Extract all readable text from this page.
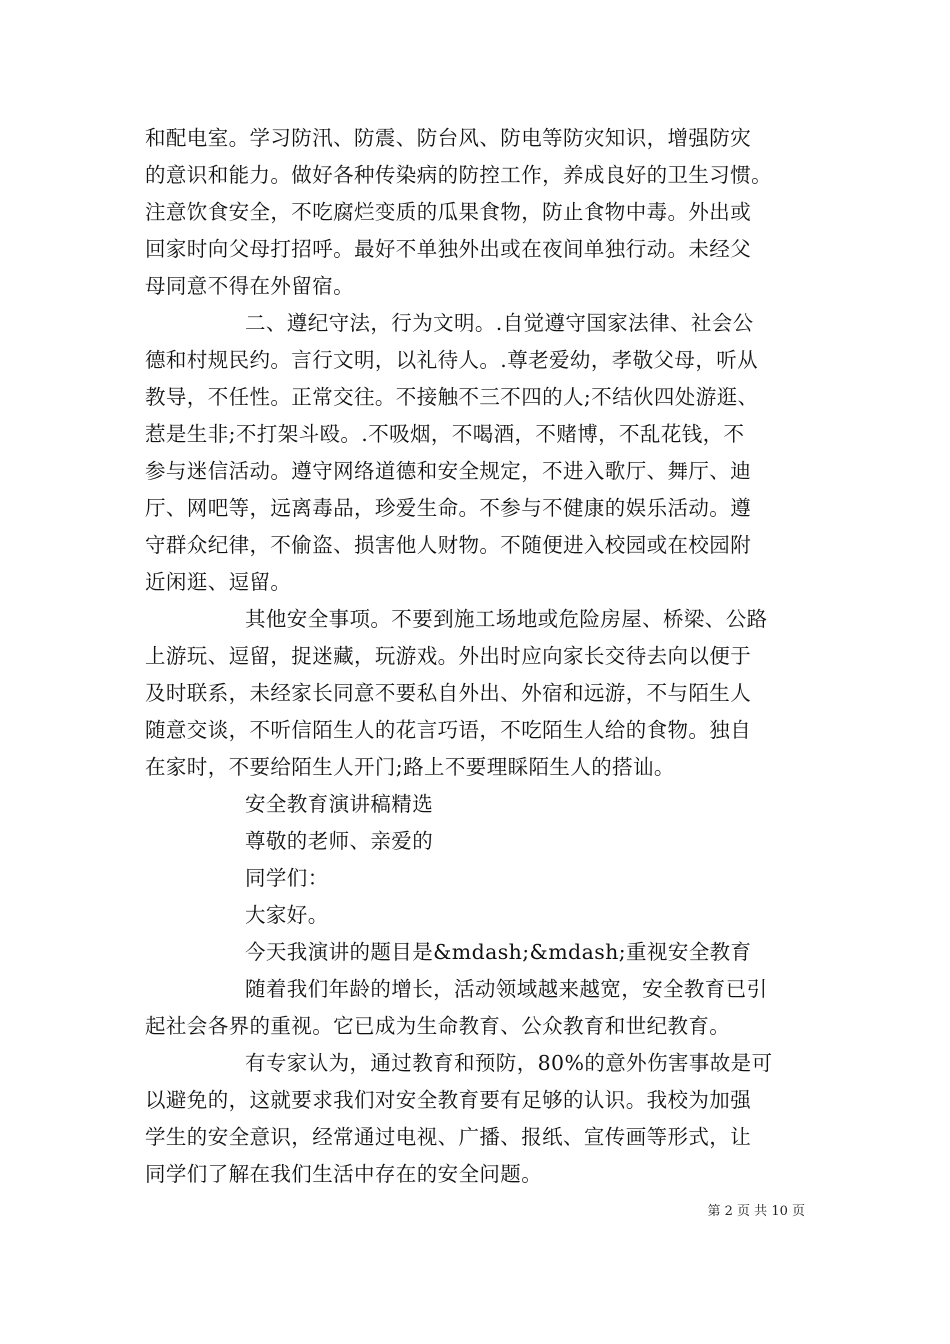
和配电室。学习防汛、防震、防台风、防电等防灾知识，增强防灾
的意识和能力。做好各种传染病的防控工作，养成良好的卫生习惯。
注意饮食安全，不吃腐烂变质的瓜果食物，防止食物中毒。外出或
回家时向父母打招呼。最好不单独外出或在夜间单独行动。未经父
母同意不得在外留宿。
二、遵纪守法，行为文明。.自觉遵守国家法律、社会公
德和村规民约。言行文明，以礼待人。.尊老爱幼，孝敬父母，听从
教导，不任性。正常交往。不接触不三不四的人;不结伙四处游逛、
惹是生非;不打架斗殴。.不吸烟，不喝酒，不赌博，不乱花钱，不
参与迷信活动。遵守网络道德和安全规定，不进入歌厅、舞厅、迪
厅、网吧等，远离毒品，珍爱生命。不参与不健康的娱乐活动。遵
守群众纪律，不偷盗、损害他人财物。不随便进入校园或在校园附
近闲逛、逗留。
其他安全事项。不要到施工场地或危险房屋、桥梁、公路
上游玩、逗留，捉迷藏，玩游戏。外出时应向家长交待去向以便于
及时联系，未经家长同意不要私自外出、外宿和远游，不与陌生人
随意交谈，不听信陌生人的花言巧语，不吃陌生人给的食物。独自
在家时，不要给陌生人开门;路上不要理睬陌生人的搭讪。
安全教育演讲稿精选
尊敬的老师、亲爱的
同学们：
大家好。
今天我演讲的题目是&mdash;&mdash;重视安全教育
随着我们年龄的增长，活动领域越来越宽，安全教育已引
起社会各界的重视。它已成为生命教育、公众教育和世纪教育。
有专家认为，通过教育和预防，80%的意外伤害事故是可
以避免的，这就要求我们对安全教育要有足够的认识。我校为加强
学生的安全意识，经常通过电视、广播、报纸、宣传画等形式，让
同学们了解在我们生活中存在的安全问题。
第 2 页 共 10 页
